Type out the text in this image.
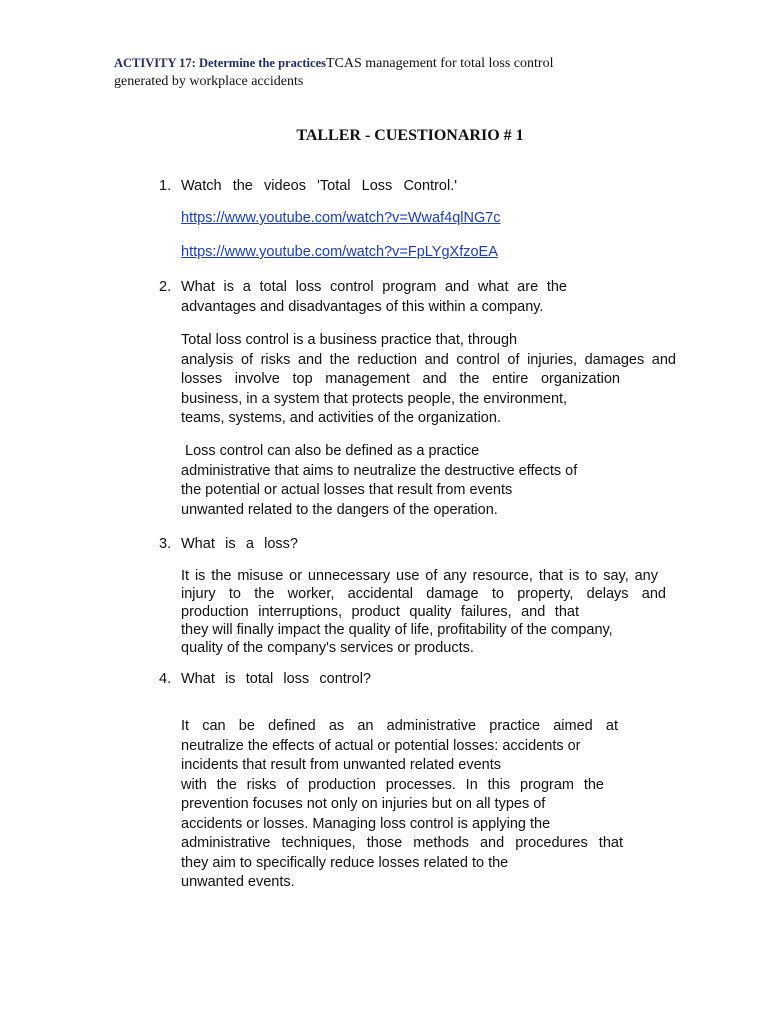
ACTIVITY 17: Determine the practicesTCAS management for total loss control
generated by workplace accidents
TALLER - CUESTIONARIO # 1
1. Watch the videos 'Total Loss Control.'
https://www.youtube.com/watch?v=Wwaf4qlNG7c
https://www.youtube.com/watch?v=FpLYgXfzoEA
2. What is a total loss control program and what are the
advantages and disadvantages of this within a company.
Total loss control is a business practice that, through
analysis of risks and the reduction and control of injuries, damages and
losses involve top management and the entire organization
business, in a system that protects people, the environment,
teams, systems, and activities of the organization.
Loss control can also be defined as a practice
administrative that aims to neutralize the destructive effects of
the potential or actual losses that result from events
unwanted related to the dangers of the operation.
3. What is a loss?
It is the misuse or unnecessary use of any resource, that is to say, any
injury to the worker, accidental damage to property, delays and
production interruptions, product quality failures, and that
they will finally impact the quality of life, profitability of the company,
quality of the company's services or products.
4. What is total loss control?
It can be defined as an administrative practice aimed at
neutralize the effects of actual or potential losses: accidents or
incidents that result from unwanted related events
with the risks of production processes. In this program the
prevention focuses not only on injuries but on all types of
accidents or losses. Managing loss control is applying the
administrative techniques, those methods and procedures that
they aim to specifically reduce losses related to the
unwanted events.
